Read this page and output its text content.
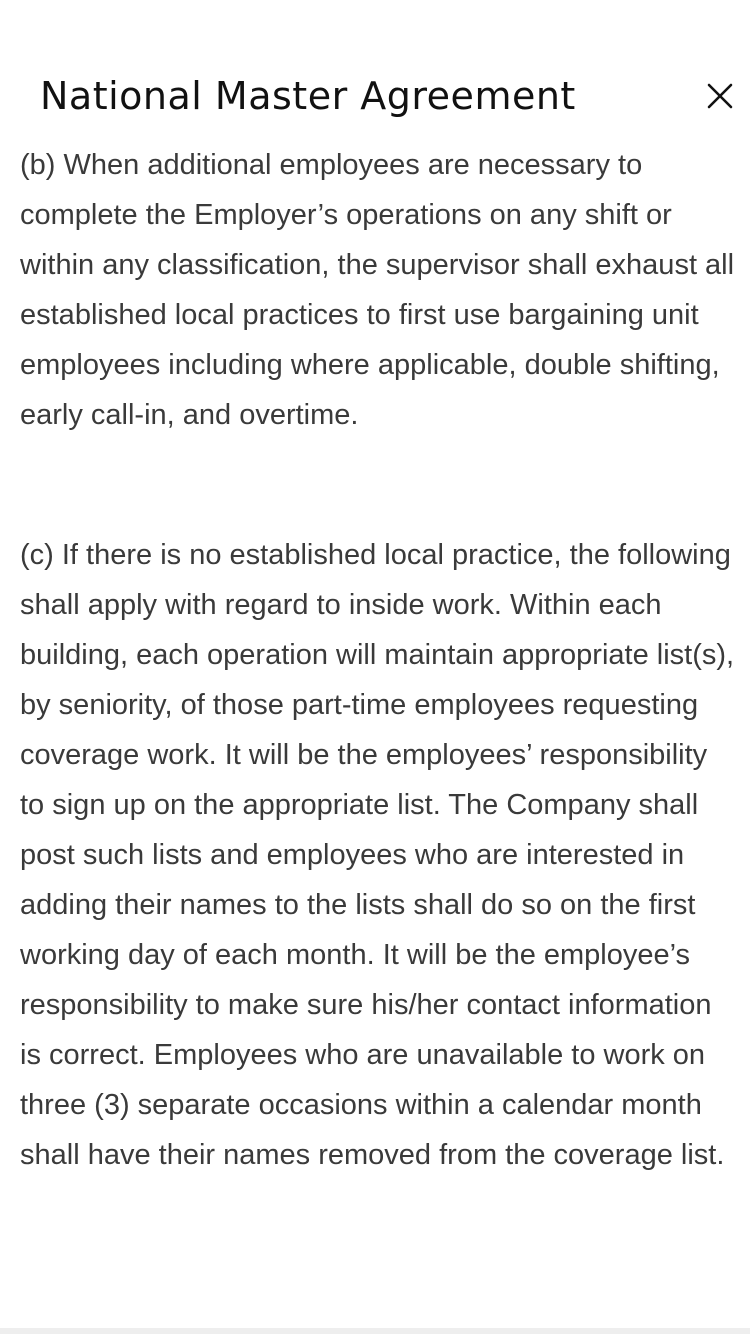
National Master Agreement

(b) When additional employees are necessary to complete the Employer’s operations on any shift or within any classification, the supervisor shall exhaust all established local practices to first use bargaining unit employees including where applicable, double shifting, early call-in, and overtime.

(c) If there is no established local practice, the following shall apply with regard to inside work. Within each building, each operation will maintain appropriate list(s), by seniority, of those part-time employees requesting coverage work. It will be the employees’ responsibility to sign up on the appropriate list. The Company shall post such lists and employees who are interested in adding their names to the lists shall do so on the first working day of each month. It will be the employee’s responsibility to make sure his/her contact information is correct. Employees who are unavailable to work on three (3) separate occasions within a calendar month shall have their names removed from the coverage list.
